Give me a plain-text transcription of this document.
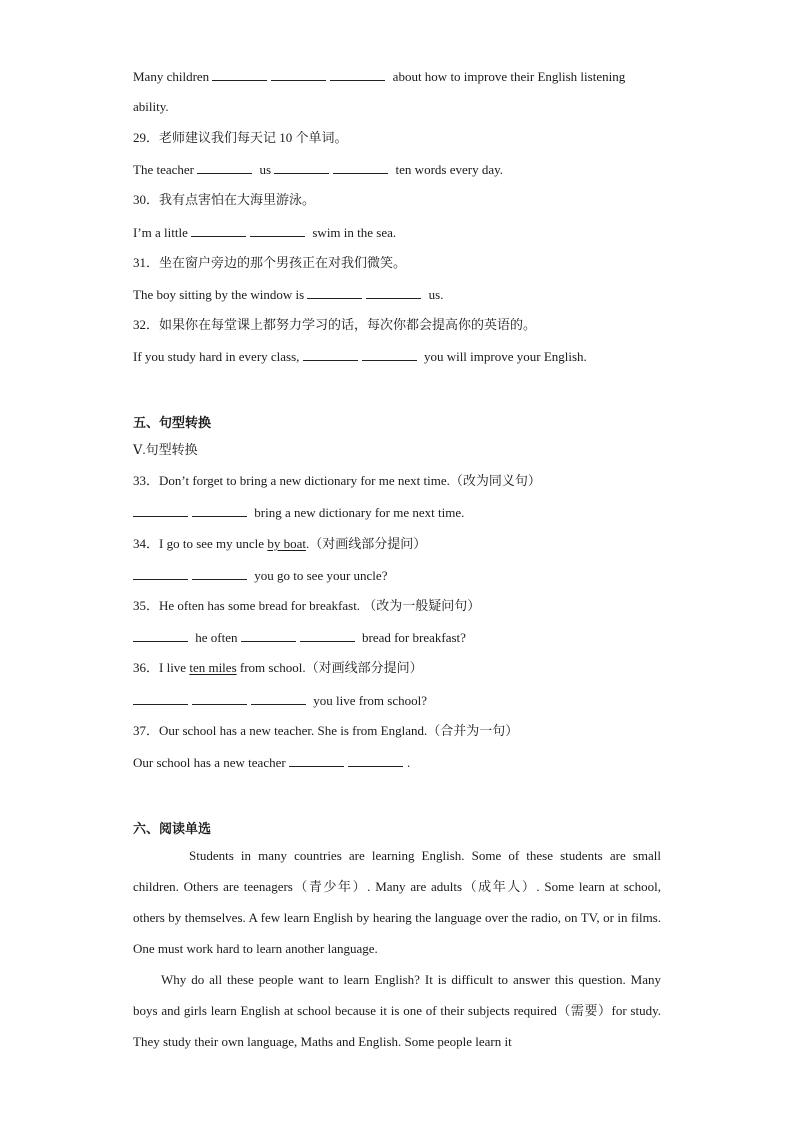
Many children	about how to improve their English listening
ability.
29．老师建议我们每天记 10 个单词。
The teacher	us	ten words every day.
30．我有点害怕在大海里游泳。
I’m a little	swim in the sea.
31．坐在窗户旁边的那个男孩正在对我们微笑。
The boy sitting by the window is	us.
32．如果你在每堂课上都努力学习的话，每次你都会提高你的英语的。
If you study hard in every class,	you will improve your English.
五、句型转换
Ⅴ.句型转换
33．Don’t forget to bring a new dictionary for me next time.（改为同义句）
bring a new dictionary for me next time.
34．I go to see my uncle by boat.（对画线部分提问）
you go to see your uncle?
35．He often has some bread for breakfast. （改为一般疑问句）
he often	bread for breakfast?
36．I live ten miles from school.（对画线部分提问）
you live from school?
37．Our school has a new teacher. She is from England.（合并为一句）
Our school has a new teacher	.
六、阅读单选

Students in many countries are learning English. Some of these students are small children. Others are teenagers（青少年）. Many are adults（成年人）. Some learn at school, others by themselves. A few learn English by hearing the language over the radio, on TV, or in films. One must work hard to learn another language.

Why do all these people want to learn English? It is difficult to answer this question. Many boys and girls learn English at school because it is one of their subjects required（需要）for study. They study their own language, Maths and English. Some people learn it
